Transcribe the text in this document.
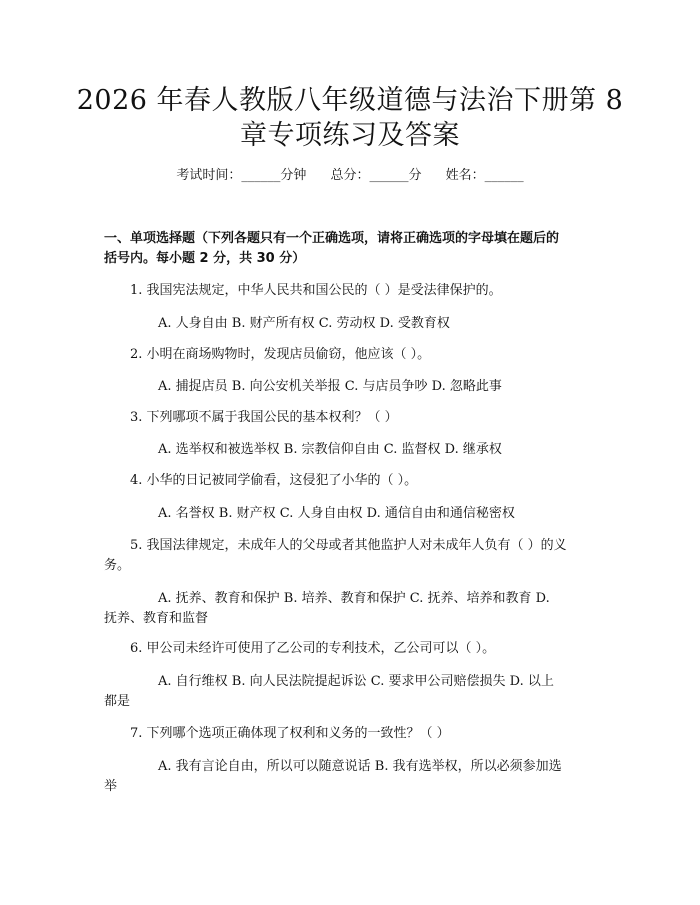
2026 年春人教版八年级道德与法治下册第 8
章专项练习及答案
考试时间：______分钟 总分：______分 姓名：______
一、单项选择题（下列各题只有一个正确选项，请将正确选项的字母填在题后的
括号内。每小题 2 分，共 30 分）
1. 我国宪法规定，中华人民共和国公民的（ ）是受法律保护的。
A. 人身自由 B. 财产所有权 C. 劳动权 D. 受教育权
2. 小明在商场购物时，发现店员偷窃，他应该（ ）。
A. 捕捉店员 B. 向公安机关举报 C. 与店员争吵 D. 忽略此事
3. 下列哪项不属于我国公民的基本权利？（ ）
A. 选举权和被选举权 B. 宗教信仰自由 C. 监督权 D. 继承权
4. 小华的日记被同学偷看，这侵犯了小华的（ ）。
A. 名誉权 B. 财产权 C. 人身自由权 D. 通信自由和通信秘密权
5. 我国法律规定，未成年人的父母或者其他监护人对未成年人负有（ ）的义
务。
A. 抚养、教育和保护 B. 培养、教育和保护 C. 抚养、培养和教育 D.
抚养、教育和监督
6. 甲公司未经许可使用了乙公司的专利技术，乙公司可以（ ）。
A. 自行维权 B. 向人民法院提起诉讼 C. 要求甲公司赔偿损失 D. 以上
都是
7. 下列哪个选项正确体现了权利和义务的一致性？（ ）
A. 我有言论自由，所以可以随意说话 B. 我有选举权，所以必须参加选
举
